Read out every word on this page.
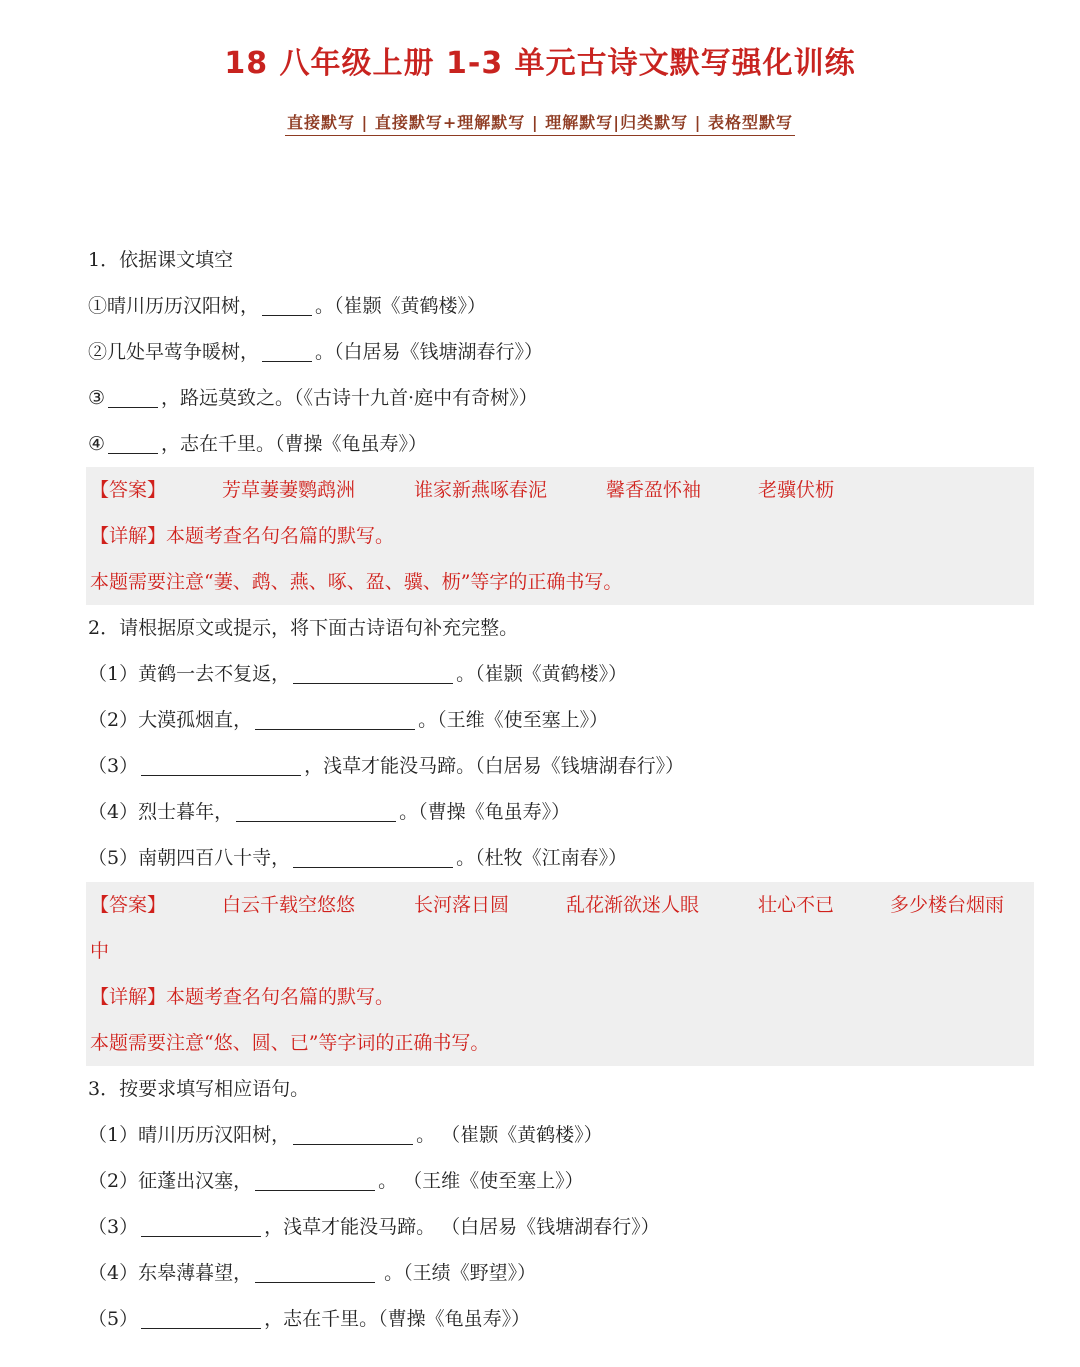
18 八年级上册 1-3 单元古诗文默写强化训练
直接默写 | 直接默写+理解默写 | 理解默写|归类默写 | 表格型默写
1．依据课文填空
①晴川历历汉阳树，	。（崔颢《黄鹤楼》）
②几处早莺争暖树，	。（白居易《钱塘湖春行》）
③	，路远莫致之。（《古诗十九首·庭中有奇树》）
④	，志在千里。（曹操《龟虽寿》）
【答案】	芳草萋萋鹦鹉洲	谁家新燕啄春泥	馨香盈怀袖	老骥伏枥
【详解】本题考查名句名篇的默写。
本题需要注意“萋、鹉、燕、啄、盈、骥、枥”等字的正确书写。
2．请根据原文或提示，将下面古诗语句补充完整。
（1）黄鹤一去不复返，	。（崔颢《黄鹤楼》）
（2）大漠孤烟直，	。（王维《使至塞上》）
（3）	，浅草才能没马蹄。（白居易《钱塘湖春行》）
（4）烈士暮年，	。（曹操《龟虽寿》）
（5）南朝四百八十寺，	。（杜牧《江南春》）
【答案】	白云千载空悠悠	长河落日圆	乱花渐欲迷人眼	壮心不已	多少楼台烟雨
中
【详解】本题考查名句名篇的默写。
本题需要注意“悠、圆、已”等字词的正确书写。
3．按要求填写相应语句。
（1）晴川历历汉阳树，	。 （崔颢《黄鹤楼》）
（2）征蓬出汉塞，	。 （王维《使至塞上》）
（3）	，浅草才能没马蹄。 （白居易《钱塘湖春行》）
（4）东皋薄暮望，	。（王绩《野望》）
（5）	，志在千里。（曹操《龟虽寿》）
